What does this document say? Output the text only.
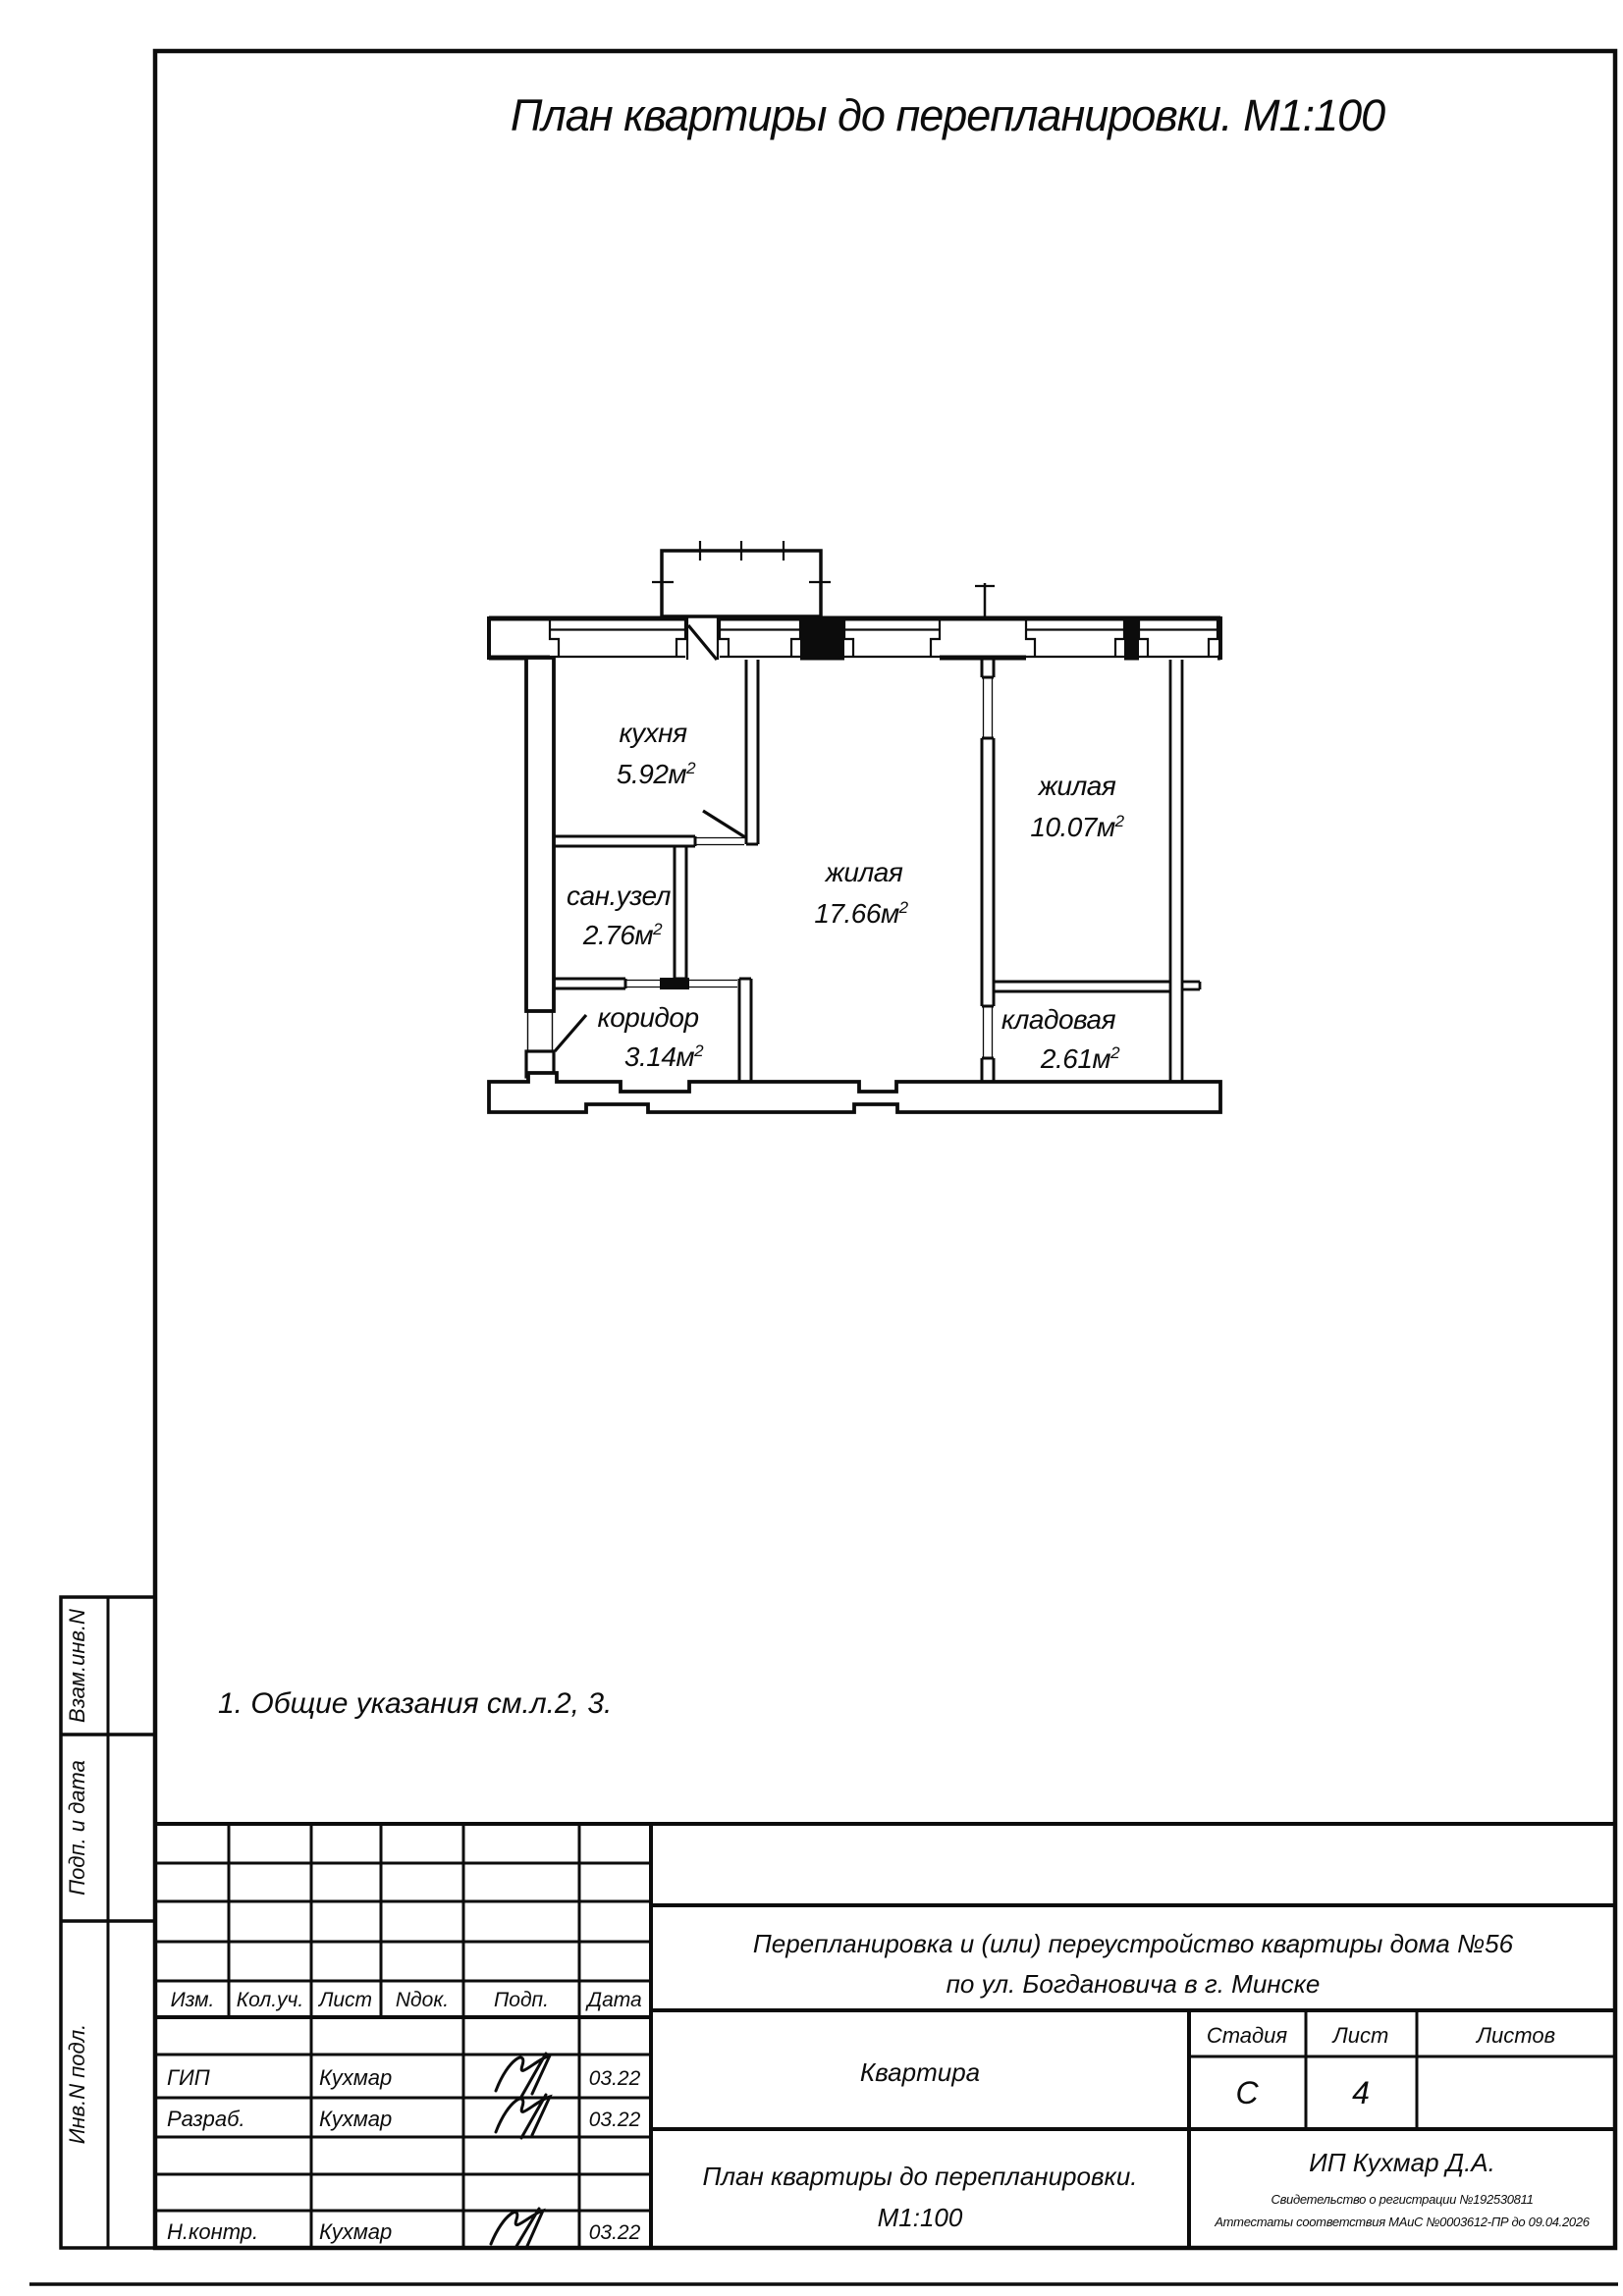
План квартиры до перепланировки. М1:100
кухня
$5.92м^2$
жилая
$17.66м^2$
жилая
$10.07м^2$
сан.узел
$2.76м^2$
коридор
$3.14м^2$
кладовая
$2.61м^2$
1. Общие указания см.л.2, 3.
Взам.инв.N
Подп. и дата
Инв.N подл.
Изм. Кол.уч. Лист Nдок. Подп. Дата
ГИП	Кухмар	03.22
Разраб.	Кухмар	03.22
Н.контр.	Кухмар	03.22
Перепланировка и (или) переустройство квартиры дома №56
по ул. Богдановича в г. Минске
Квартира
Стадия Лист	Листов
С	4
План квартиры до перепланировки.
М1:100
ИП Кухмар Д.А.
Свидетельство о регистрации №192530811
Аттестаты соответствия МАиС №0003612-ПР до 09.04.2026
